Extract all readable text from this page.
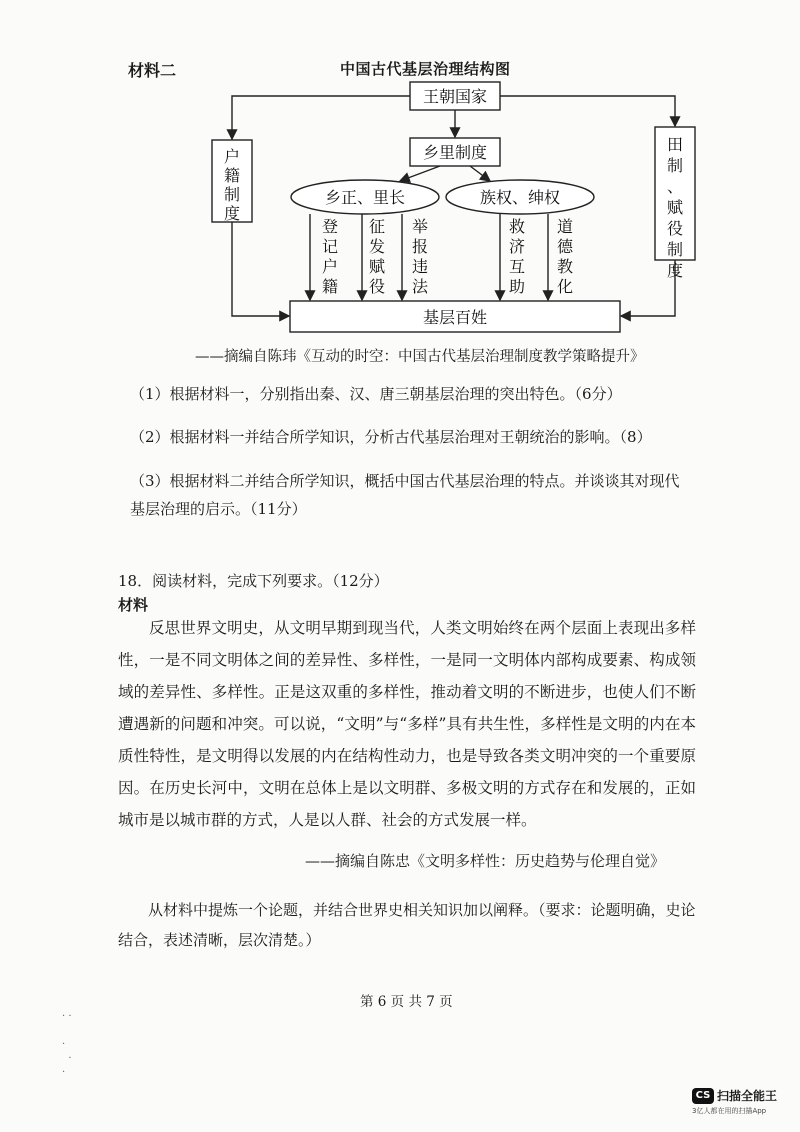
材料二	中国古代基层治理结构图
王朝国家
乡里制度
乡正、里长	族权、绅权
基层百姓
户籍制度
田制、赋役制度
登记户籍
征发赋役
举报违法
救济互助
道德教化
——摘编自陈玮《互动的时空：中国古代基层治理制度教学策略提升》
（1）根据材料一，分别指出秦、汉、唐三朝基层治理的突出特色。（6分）
（2）根据材料一并结合所学知识，分析古代基层治理对王朝统治的影响。（8）
（3）根据材料二并结合所学知识，概括中国古代基层治理的特点。并谈谈其对现代基层治理的启示。（11分）
18．阅读材料，完成下列要求。（12分）
材料
反思世界文明史，从文明早期到现当代，人类文明始终在两个层面上表现出多样性，一是不同文明体之间的差异性、多样性，一是同一文明体内部构成要素、构成领域的差异性、多样性。正是这双重的多样性，推动着文明的不断进步，也使人们不断遭遇新的问题和冲突。可以说，“文明”与“多样”具有共生性，多样性是文明的内在本质性特性，是文明得以发展的内在结构性动力，也是导致各类文明冲突的一个重要原因。在历史长河中，文明在总体上是以文明群、多极文明的方式存在和发展的，正如城市是以城市群的方式，人是以人群、社会的方式发展一样。
——摘编自陈忠《文明多样性：历史趋势与伦理自觉》
从材料中提炼一个论题，并结合世界史相关知识加以阐释。（要求：论题明确，史论结合，表述清晰，层次清楚。）
第 6 页 共 7 页
· ·

·
·
·
CS 扫描全能王
3亿人都在用的扫描App
